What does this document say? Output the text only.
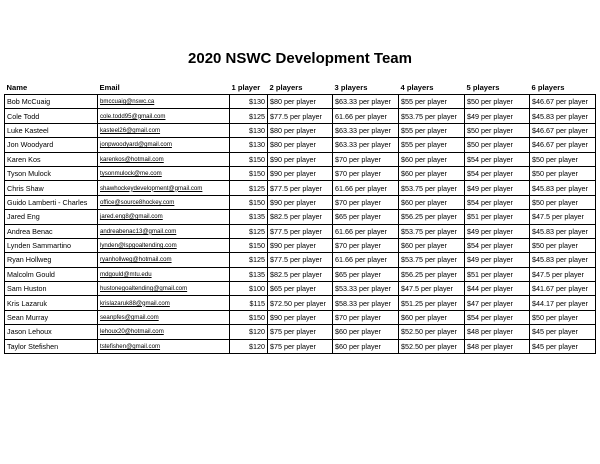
2020 NSWC Development Team
Name	Email	1 player	2 players	3 players	4 players	5 players	6 players
Bob McCuaig	bmccuaig@nswc.ca	$130	$80 per player	$63.33 per player	$55 per player	$50 per player	$46.67 per player
Cole Todd	cole.todd95@gmail.com	$125	$77.5 per player	61.66 per player	$53.75 per player	$49 per player	$45.83 per player
Luke Kasteel	kasteel26@gmail.com	$130	$80 per player	$63.33 per player	$55 per player	$50 per player	$46.67 per player
Jon Woodyard	jonpwoodyard@gmail.com	$130	$80 per player	$63.33 per player	$55 per player	$50 per player	$46.67 per player
Karen Kos	karenkos@hotmail.com	$150	$90 per player	$70 per player	$60 per player	$54 per player	$50 per player
Tyson Mulock	tysonmulock@me.com	$150	$90 per player	$70 per player	$60 per player	$54 per player	$50 per player
Chris Shaw	shawhockeydevelopment@gmail.com	$125	$77.5 per player	61.66 per player	$53.75 per player	$49 per player	$45.83 per player
Guido Lamberti - Charles	office@source8hockey.com	$150	$90 per player	$70 per player	$60 per player	$54 per player	$50 per player
Jared Eng	jared.eng8@gmail.com	$135	$82.5 per player	$65 per player	$56.25 per player	$51 per player	$47.5 per player
Andrea Benac	andreabenac13@gmail.com	$125	$77.5 per player	61.66 per player	$53.75 per player	$49 per player	$45.83 per player
Lynden Sammartino	lynden@lspgoaltending.com	$150	$90 per player	$70 per player	$60 per player	$54 per player	$50 per player
Ryan Hollweg	ryanhollweg@hotmail.com	$125	$77.5 per player	61.66 per player	$53.75 per player	$49 per player	$45.83 per player
Malcolm Gould	mdgould@mtu.edu	$135	$82.5 per player	$65 per player	$56.25 per player	$51 per player	$47.5 per player
Sam Huston	hustonegoaltending@gmail.com	$100	$65 per player	$53.33 per player	$47.5 per player	$44 per player	$41.67 per player
Kris Lazaruk	krislazaruk88@gmail.com	$115	$72.50 per player	$58.33 per player	$51.25 per player	$47 per player	$44.17 per player
Sean Murray	seanpfes@gmail.com	$150	$90 per player	$70 per player	$60 per player	$54 per player	$50 per player
Jason Lehoux	lehoux20@hotmail.com	$120	$75 per player	$60 per player	$52.50 per player	$48 per player	$45 per player
Taylor Stefishen	tstefishen@gmail.com	$120	$75 per player	$60 per player	$52.50 per player	$48 per player	$45 per player
